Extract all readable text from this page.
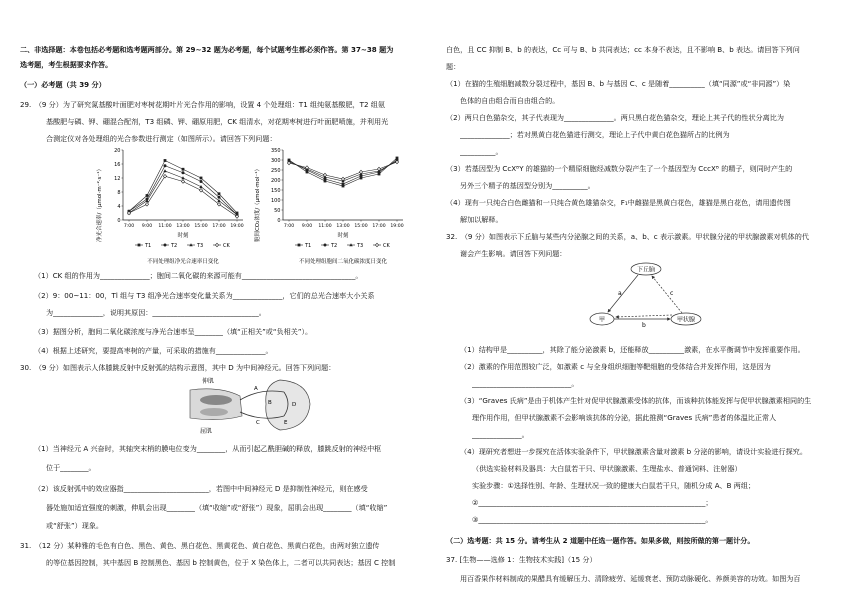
二、非选择题：本卷包括必考题和选考题两部分。第 29~32 题为必考题，每个试题考生都必须作答。第 37~38 题为
选考题，考生根据要求作答。
（一）必考题（共 39 分）
29.　（9 分）为了研究氮基酸叶面肥对枣树花期叶片光合作用的影响，设置 4 个处理组：T1 组纯氨基酸肥，T2 组氨
基酸肥与磷、钾、硼混合配剂，T3 组磷、钾、硼原用肥，CK 组清水，对花期枣树进行叶面肥喷施，并利用光
合测定仪对各处理组的光合参数进行测定（如图所示）。请回答下列问题：
净光合速率/（μmol·m⁻²·s⁻¹）
20
16
12
8
4
0
7:00 9:00 11:00 13:00 15:00 17:00 19:00
时刻
不同处理组净光合速率日变化
胞间CO₂浓度/（μmol·mol⁻¹）
350
300
250
200
150
100
50
0
7:00 9:00 11:00 13:00 15:00 17:00 19:00
时刻
不同处理组胞间二氧化碳浓度日变化
T1	T2	T3	CK	T1	T2	T3	CK
（1）CK 组的作用为______________；胞间二氧化碳的来源可能有________________________________。
（2）9：00~11：00，Tl 组与 T3 组净光合速率变化量关系为______________，它们的总光合速率大小关系
为______________，说明其原因：______________________________。
（3）据图分析，胞间二氧化碳浓度与净光合速率呈________（填“正相关”或“负相关”）。
（4）根据上述研究，要提高枣树的产量，可采取的措施有______________。
30.　（9 分）如图表示人体膝跳反射中反射弧的结构示意图，其中 D 为中间神经元。回答下列问题：
伸肌
屈肌
A
B
C
D
E
（1）当神经元 A 兴奋时，其轴突末梢的膜电位变为________，从而引起乙酰胆碱的释放，膝跳反射的神经中枢
位于________。
（2）该反射弧中的效应器指________________________，若图中中间神经元 D 是抑制性神经元，则在感受
器处施加适宜强度的刺激，伸肌会出现________（填“收缩”或“舒张”）现象，屈肌会出现________（填“收缩”
或“舒张”）现象。
31.　（12 分）某种雅的毛色有白色、黑色、黄色、黑白花色、黑黄花色、黄白花色、黑黄白花色，由两对独立遗传
的等位基因控制，其中基因 B 控制黑色、基因 b 控制黄色，位于 X 染色体上，二者可以共同表达；基因 C 控制
白色，且 CC 抑制 B、b 的表达，Cc 可与 B、b 共同表达；cc 本身不表达，且不影响 B、b 表达。请回答下列问
题：
（1）在猫的生殖细胞减数分裂过程中，基因 B、b 与基因 C、c 是随着__________（填“同源”或“非同源”）染
色体的自由组合而自由组合的。
（2）两只白色猫杂交，其子代表现为______________。两只黑白花色猫杂交，理论上其子代的性状分离比为
______________；若对黑黄白花色猫进行测交，理论上子代中黄白花色猫所占的比例为
__________。
（3）若基因型为 CcXᴮY 的雄猫的一个精原细胞经减数分裂产生了一个基因型为 CccXᴮ 的精子，则同时产生的
另外三个精子的基因型分别为__________。
（4）现有一只纯合白色雌猫和一只纯合黄色雄猫杂交，F₁中雌猫是黑黄白花色，雄猫是黑白花色，请用遗传图
解加以解释。
32.　（9 分）如图表示下丘脑与某些内分泌腺之间的关系，a、b、c 表示激素。甲状腺分泌的甲状腺激素对机体的代
谢会产生影响。请回答下列问题：
下丘脑
甲	甲状腺
a
b
c
（1）结构甲是__________，其除了能分泌激素 b，还能释放__________激素，在水平衡调节中发挥重要作用。
（2）激素的作用范围较广泛，如激素 c 与全身组织细胞等靶细胞的受体结合并发挥作用，这是因为
____________________________。
（3）“Graves 氏病”是由于机体产生针对促甲状腺激素受体的抗体，而该种抗体能发挥与促甲状腺激素相同的生
理作用作用，但甲状腺激素不会影响该抗体的分泌，据此推测“Graves 氏病”患者的体温比正常人
______________。
（4）现研究者想进一步探究在活体实验条件下，甲状腺激素含量对激素 b 分泌的影响，请设计实验进行探究。
（供选实验材料及器具：大白鼠若干只、甲状腺激素、生理盐水、普通饲料、注射器）
实验步骤：①选择性别、年龄、生理状况一致的健康大白鼠若干只，随机分成 A、B 两组；
②________________________________________________________________；
③________________________________________________________________。
（二）选考题：共 15 分。请考生从 2 道题中任选一题作答。如果多做，则按所做的第一题计分。
37. [生物——选修 1：生物技术实践]（15 分）
用百香果作材料制成的果醋具有缓解压力、清除疲劳、延缓衰老、预防动脉硬化、养颜美容的功效。如图为百
